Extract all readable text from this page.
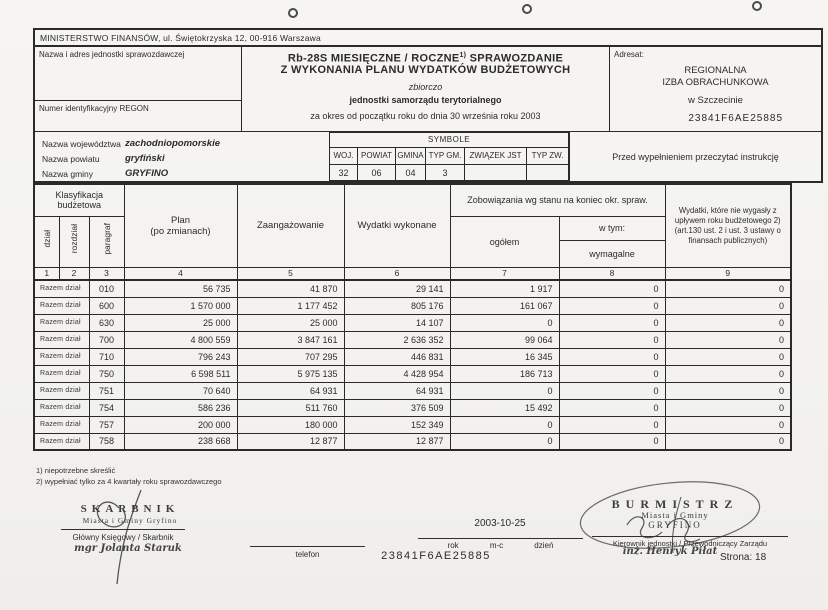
MINISTERSTWO FINANSÓW, ul. Świętokrzyska 12, 00-916 Warszawa
Nazwa i adres jednostki sprawozdawczej
Numer identyfikacyjny REGON
Rb-28S MIESIĘCZNE / ROCZNE$^{1)}$ SPRAWOZDANIE
Z WYKONANIA PLANU WYDATKÓW BUDŻETOWYCH
zbiorczo
jednostki samorządu terytorialnego
za okres od początku roku do dnia 30 września roku 2003
Adresat:
REGIONALNA
IZBA OBRACHUNKOWA
w Szczecinie
23841F6AE25885
Nazwa województwa zachodniopomorskie
Nazwa powiatu	gryfiński
Nazwa gminy	GRYFINO
SYMBOLE					
WOJ.	POWIAT	GMINA	TYP GM.	ZWIĄZEK JST	TYP ZW.
32	06	04	3		
Przed wypełnieniem przeczytać instrukcję
Klasyfikacja budżetowa			Plan
(po zmianach)	Zaangażowanie	Wydatki wykonane	Zobowiązania wg stanu na koniec okr. spraw.		Wydatki, które nie wygasły z upływem roku budżetowego 2) (art.130 ust. 2 i ust. 3 ustawy o finansach publicznych)
dział	rozdział	paragraf				ogółem	w tym:	
							wymagalne	
1	2	3	4	5	6	7	8	9
Razem dział		010	56 735	41 870	29 141	1 917	0	0
Razem dział		600	1 570 000	1 177 452	805 176	161 067	0	0
Razem dział		630	25 000	25 000	14 107	0	0	0
Razem dział		700	4 800 559	3 847 161	2 636 352	99 064	0	0
Razem dział		710	796 243	707 295	446 831	16 345	0	0
Razem dział		750	6 598 511	5 975 135	4 428 954	186 713	0	0
Razem dział		751	70 640	64 931	64 931	0	0	0
Razem dział		754	586 236	511 760	376 509	15 492	0	0
Razem dział		757	200 000	180 000	152 349	0	0	0
Razem dział		758	238 668	12 877	12 877	0	0	0
1) niepotrzebne skreślić
2) wypełniać tylko za 4 kwartały roku sprawozdawczego
SKARBNIK
Miasta i Gminy Gryfino
Główny Księgowy / Skarbnik
mgr Jolanta Staruk
telefon
2003-10-25
rok	m-c	dzień
23841F6AE25885
BURMISTRZ
Miasta i Gminy
GRYFINO
Kierownik jednostki / Przewodniczący Zarządu
inż. Henryk Piłat
Strona: 18
